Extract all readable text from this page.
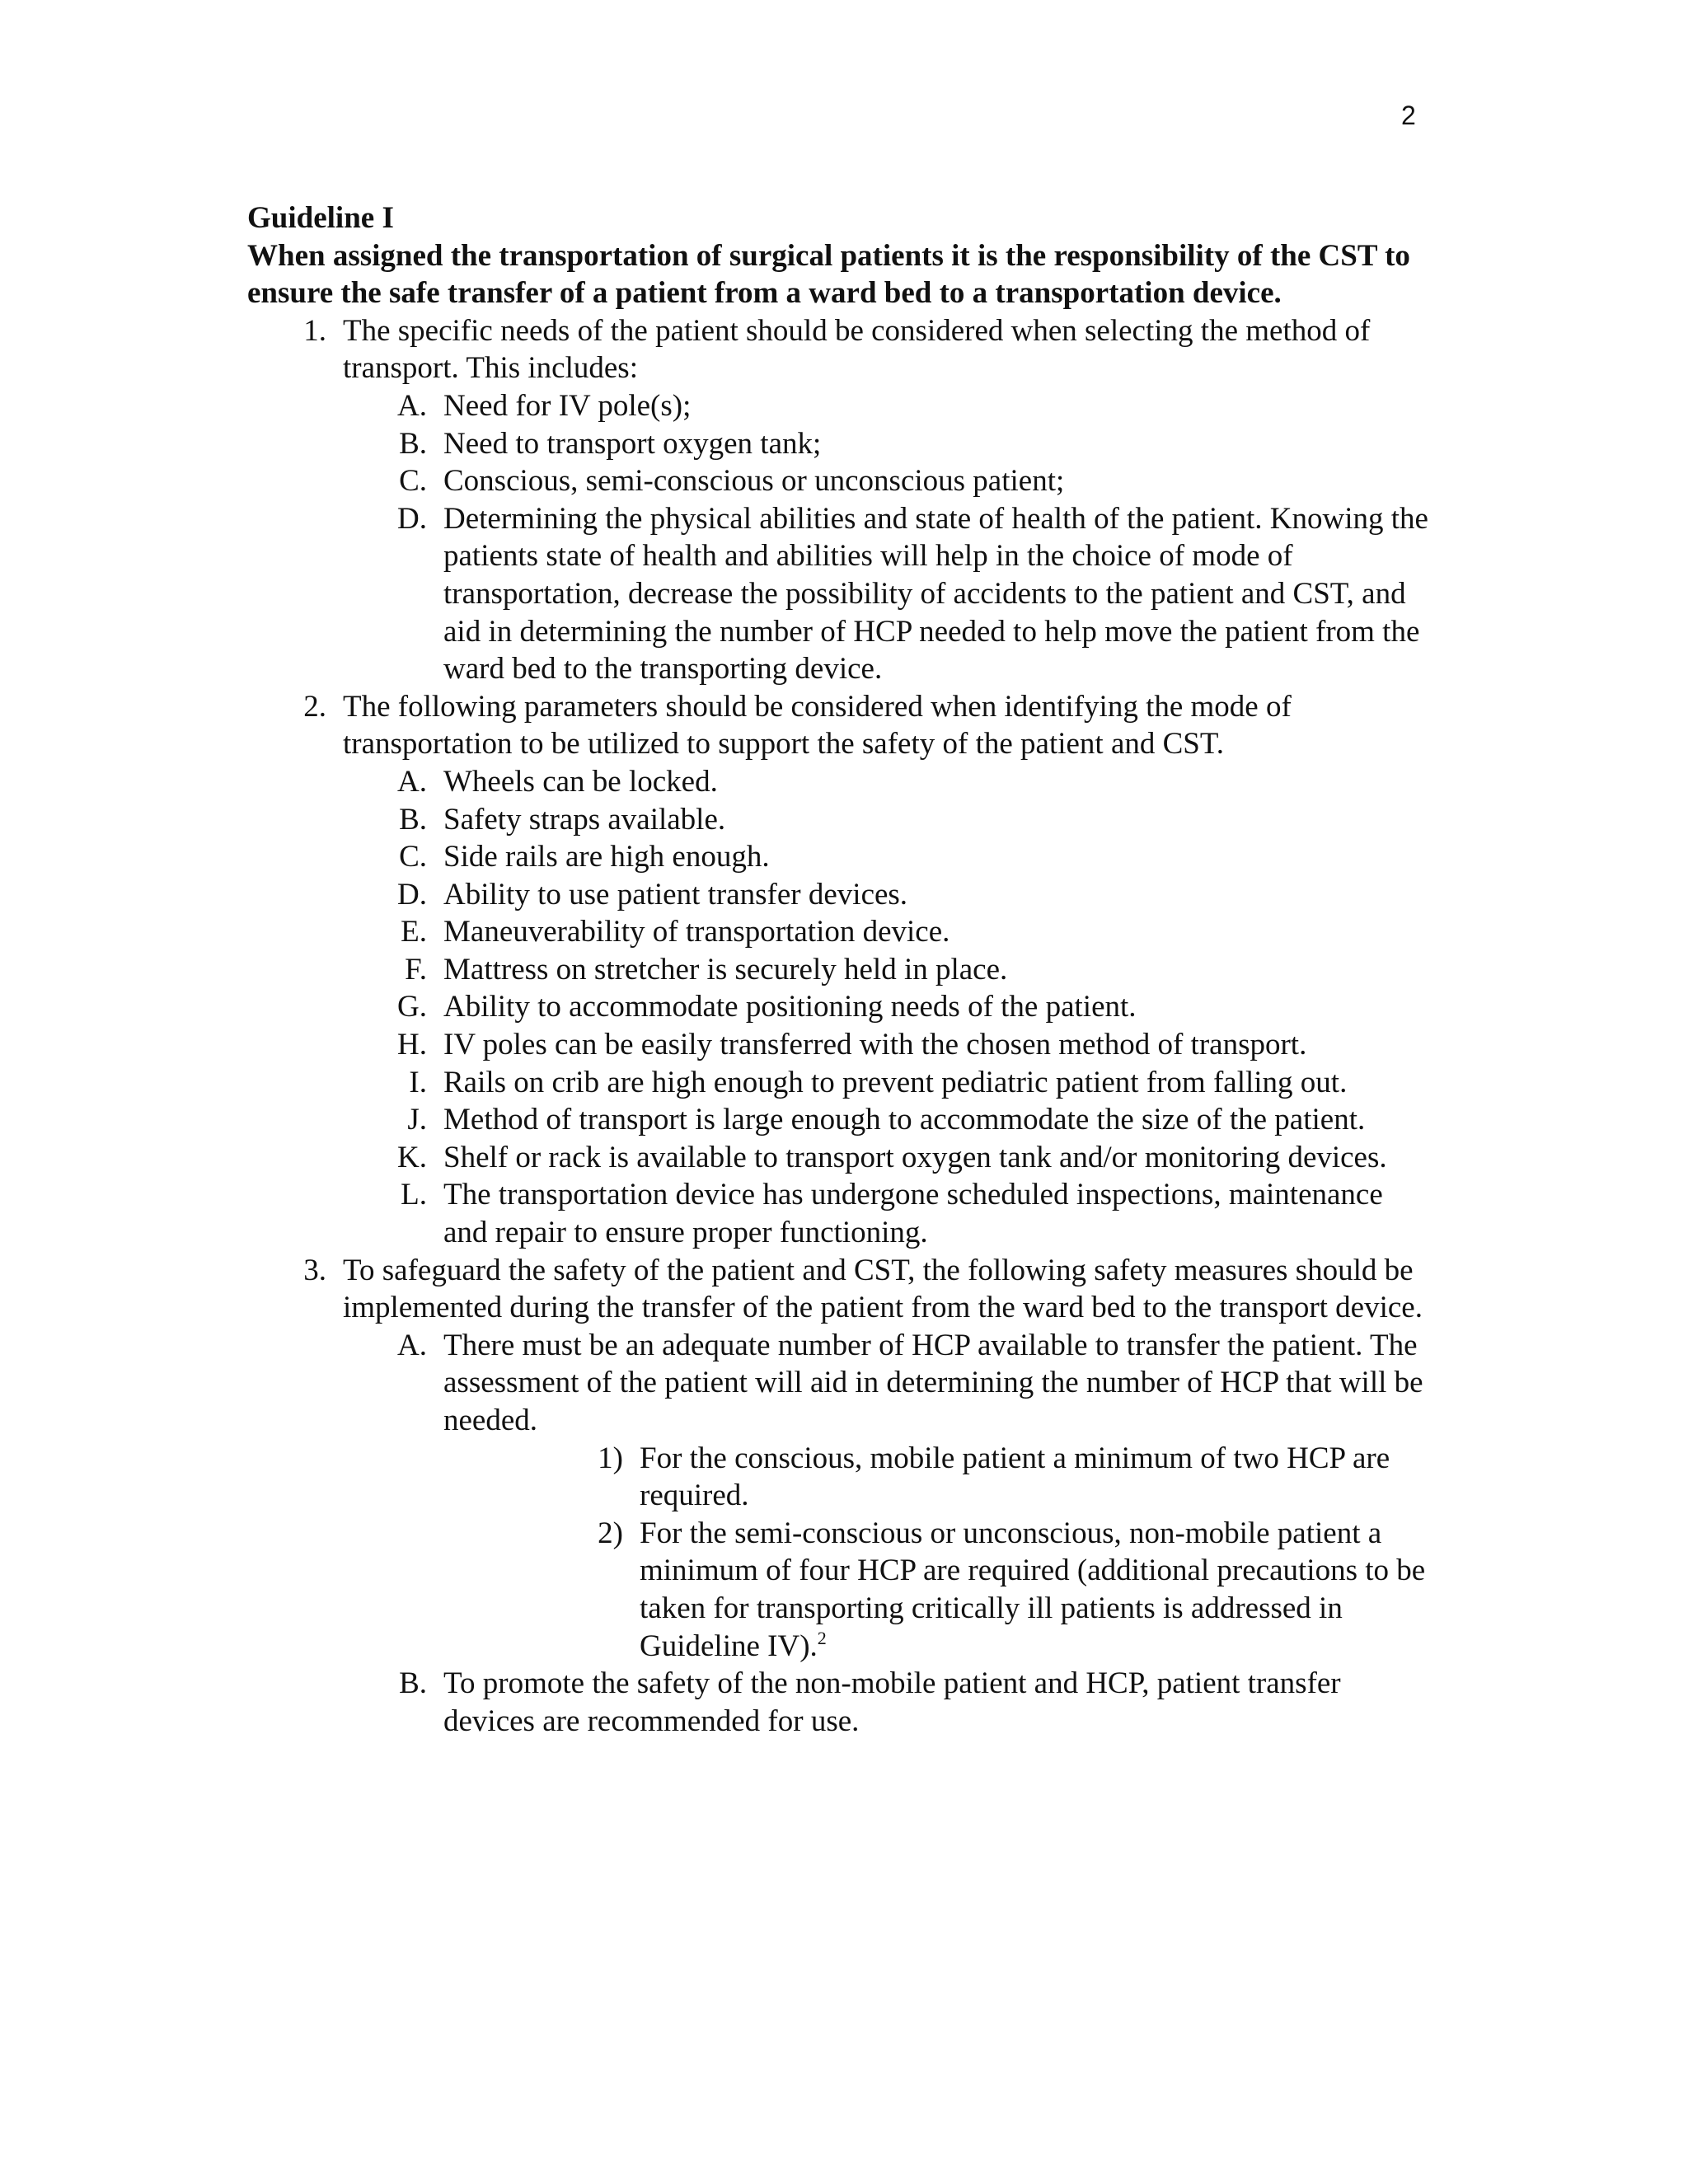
2

Guideline I

When assigned the transportation of surgical patients it is the responsibility of the CST to ensure the safe transfer of a patient from a ward bed to a transportation device.

1. The specific needs of the patient should be considered when selecting the method of transport. This includes:
A. Need for IV pole(s);
B. Need to transport oxygen tank;
C. Conscious, semi-conscious or unconscious patient;
D. Determining the physical abilities and state of health of the patient. Knowing the patients state of health and abilities will help in the choice of mode of transportation, decrease the possibility of accidents to the patient and CST, and aid in determining the number of HCP needed to help move the patient from the ward bed to the transporting device.
2. The following parameters should be considered when identifying the mode of transportation to be utilized to support the safety of the patient and CST.
A. Wheels can be locked.
B. Safety straps available.
C. Side rails are high enough.
D. Ability to use patient transfer devices.
E. Maneuverability of transportation device.
F. Mattress on stretcher is securely held in place.
G. Ability to accommodate positioning needs of the patient.
H. IV poles can be easily transferred with the chosen method of transport.
I. Rails on crib are high enough to prevent pediatric patient from falling out.
J. Method of transport is large enough to accommodate the size of the patient.
K. Shelf or rack is available to transport oxygen tank and/or monitoring devices.
L. The transportation device has undergone scheduled inspections, maintenance and repair to ensure proper functioning.
3. To safeguard the safety of the patient and CST, the following safety measures should be implemented during the transfer of the patient from the ward bed to the transport device.
A. There must be an adequate number of HCP available to transfer the patient. The assessment of the patient will aid in determining the number of HCP that will be needed.
1) For the conscious, mobile patient a minimum of two HCP are required.
2) For the semi-conscious or unconscious, non-mobile patient a minimum of four HCP are required (additional precautions to be taken for transporting critically ill patients is addressed in Guideline IV).$^2$
B. To promote the safety of the non-mobile patient and HCP, patient transfer devices are recommended for use.
